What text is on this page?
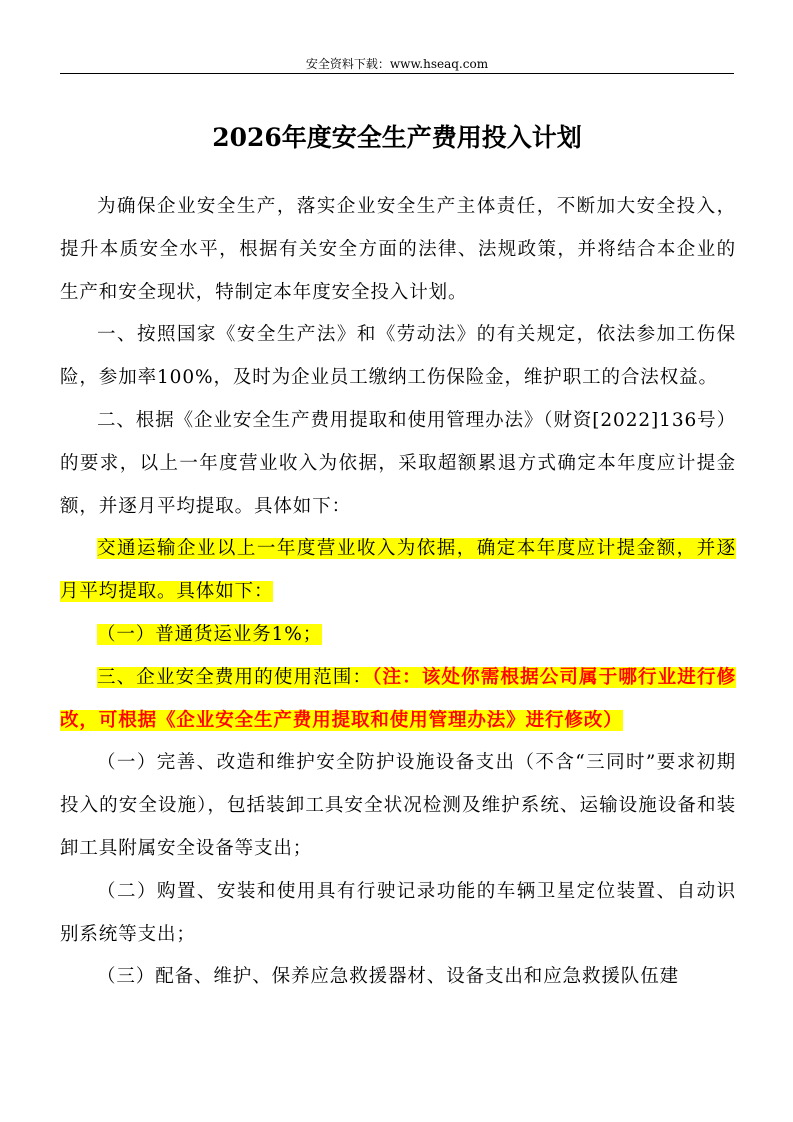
安全资料下载：www.hseaq.com
2026年度安全生产费用投入计划

为确保企业安全生产，落实企业安全生产主体责任，不断加大安全投入，提升本质安全水平，根据有关安全方面的法律、法规政策，并将结合本企业的生产和安全现状，特制定本年度安全投入计划。

一、按照国家《安全生产法》和《劳动法》的有关规定，依法参加工伤保险，参加率100%，及时为企业员工缴纳工伤保险金，维护职工的合法权益。

二、根据《企业安全生产费用提取和使用管理办法》（财资[2022]136号）的要求，以上一年度营业收入为依据，采取超额累退方式确定本年度应计提金额，并逐月平均提取。具体如下：

交通运输企业以上一年度营业收入为依据，确定本年度应计提金额，并逐月平均提取。具体如下：

（一）普通货运业务1%；

三、企业安全费用的使用范围：（注：该处你需根据公司属于哪行业进行修改，可根据《企业安全生产费用提取和使用管理办法》进行修改）

（一）完善、改造和维护安全防护设施设备支出（不含“三同时”要求初期投入的安全设施），包括装卸工具安全状况检测及维护系统、运输设施设备和装卸工具附属安全设备等支出；

（二）购置、安装和使用具有行驶记录功能的车辆卫星定位装置、自动识别系统等支出；

（三）配备、维护、保养应急救援器材、设备支出和应急救援队伍建
